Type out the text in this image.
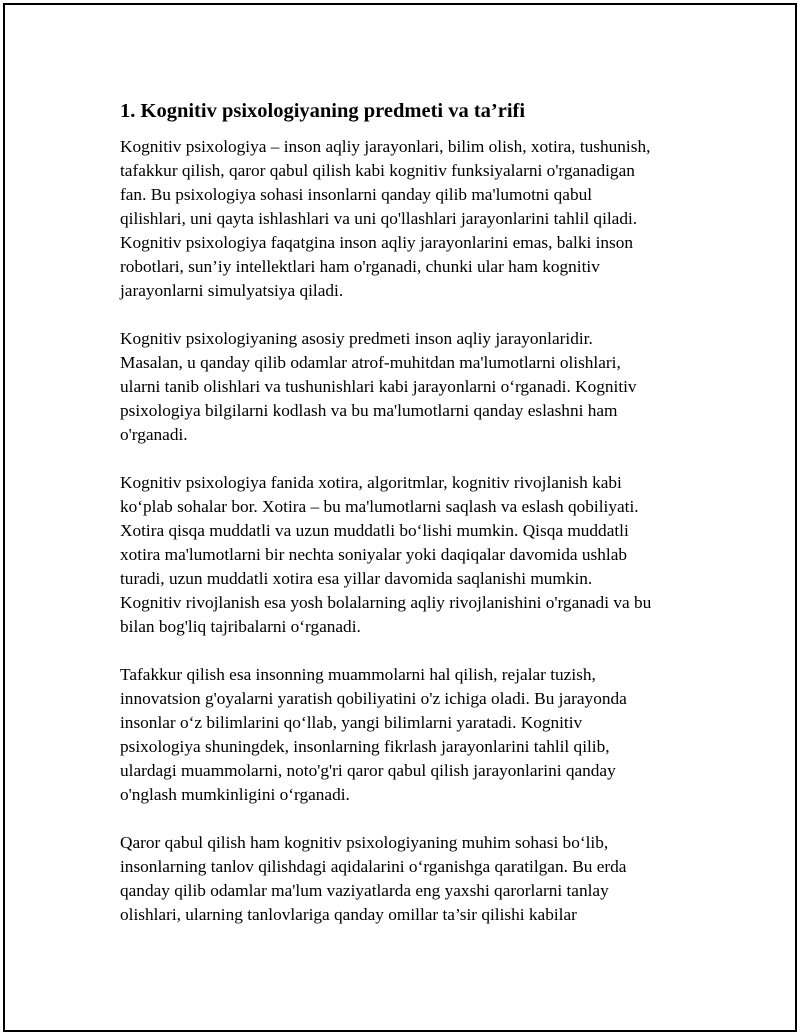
1. Kognitiv psixologiyaning predmeti va ta’rifi

Kognitiv psixologiya – inson aqliy jarayonlari, bilim olish, xotira, tushunish,
tafakkur qilish, qaror qabul qilish kabi kognitiv funksiyalarni o'rganadigan
fan. Bu psixologiya sohasi insonlarni qanday qilib ma'lumotni qabul
qilishlari, uni qayta ishlashlari va uni qo'llashlari jarayonlarini tahlil qiladi.
Kognitiv psixologiya faqatgina inson aqliy jarayonlarini emas, balki inson
robotlari, sun’iy intellektlari ham o'rganadi, chunki ular ham kognitiv
jarayonlarni simulyatsiya qiladi.

Kognitiv psixologiyaning asosiy predmeti inson aqliy jarayonlaridir.
Masalan, u qanday qilib odamlar atrof-muhitdan ma'lumotlarni olishlari,
ularni tanib olishlari va tushunishlari kabi jarayonlarni o‘rganadi. Kognitiv
psixologiya bilgilarni kodlash va bu ma'lumotlarni qanday eslashni ham
o'rganadi.

Kognitiv psixologiya fanida xotira, algoritmlar, kognitiv rivojlanish kabi
ko‘plab sohalar bor. Xotira – bu ma'lumotlarni saqlash va eslash qobiliyati.
Xotira qisqa muddatli va uzun muddatli bo‘lishi mumkin. Qisqa muddatli
xotira ma'lumotlarni bir nechta soniyalar yoki daqiqalar davomida ushlab
turadi, uzun muddatli xotira esa yillar davomida saqlanishi mumkin.
Kognitiv rivojlanish esa yosh bolalarning aqliy rivojlanishini o'rganadi va bu
bilan bog'liq tajribalarni o‘rganadi.

Tafakkur qilish esa insonning muammolarni hal qilish, rejalar tuzish,
innovatsion g'oyalarni yaratish qobiliyatini o'z ichiga oladi. Bu jarayonda
insonlar o‘z bilimlarini qo‘llab, yangi bilimlarni yaratadi. Kognitiv
psixologiya shuningdek, insonlarning fikrlash jarayonlarini tahlil qilib,
ulardagi muammolarni, noto'g'ri qaror qabul qilish jarayonlarini qanday
o'nglash mumkinligini o‘rganadi.

Qaror qabul qilish ham kognitiv psixologiyaning muhim sohasi bo‘lib,
insonlarning tanlov qilishdagi aqidalarini o‘rganishga qaratilgan. Bu erda
qanday qilib odamlar ma'lum vaziyatlarda eng yaxshi qarorlarni tanlay
olishlari, ularning tanlovlariga qanday omillar ta’sir qilishi kabilar
